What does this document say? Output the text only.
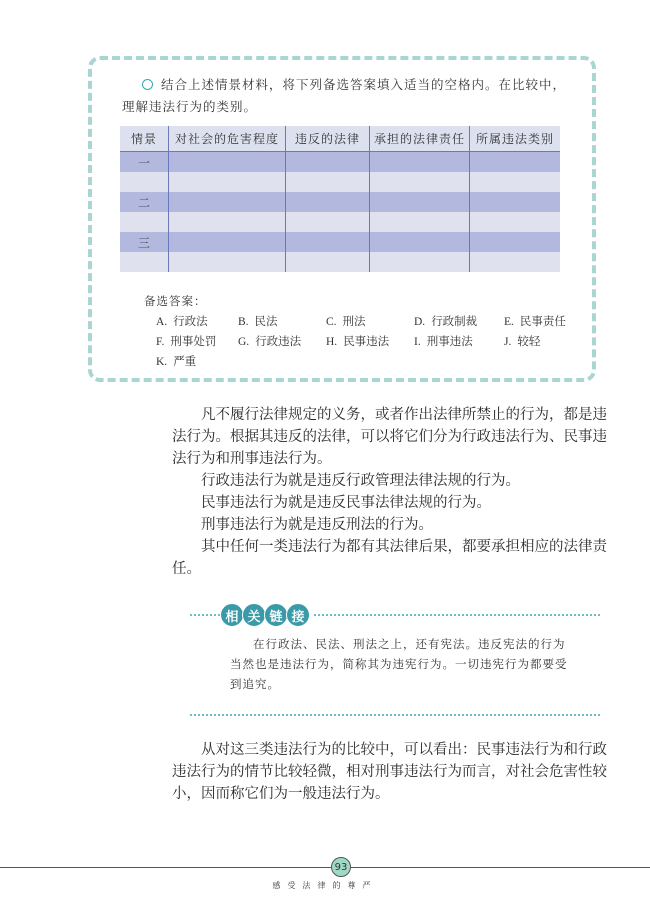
结合上述情景材料，将下列备选答案填入适当的空格内。在比较中，理解违法行为的类别。
情景	对社会的危害程度	违反的法律	承担的法律责任	所属违法类别
一				

二				

三				

备选答案：
A. 行政法	B. 民法	C. 刑法	D. 行政制裁	E. 民事责任
F. 刑事处罚	G. 行政违法	H. 民事违法	I. 刑事违法	J. 较轻
K. 严重

凡不履行法律规定的义务，或者作出法律所禁止的行为，都是违法行为。根据其违反的法律，可以将它们分为行政违法行为、民事违法行为和刑事违法行为。

行政违法行为就是违反行政管理法律法规的行为。

民事违法行为就是违反民事法律法规的行为。

刑事违法行为就是违反刑法的行为。

其中任何一类违法行为都有其法律后果，都要承担相应的法律责任。

相 关 链 接

在行政法、民法、刑法之上，还有宪法。违反宪法的行为当然也是违法行为，简称其为违宪行为。一切违宪行为都要受到追究。

从对这三类违法行为的比较中，可以看出：民事违法行为和行政违法行为的情节比较轻微，相对刑事违法行为而言，对社会危害性较小，因而称它们为一般违法行为。

93
感受法律的尊严
